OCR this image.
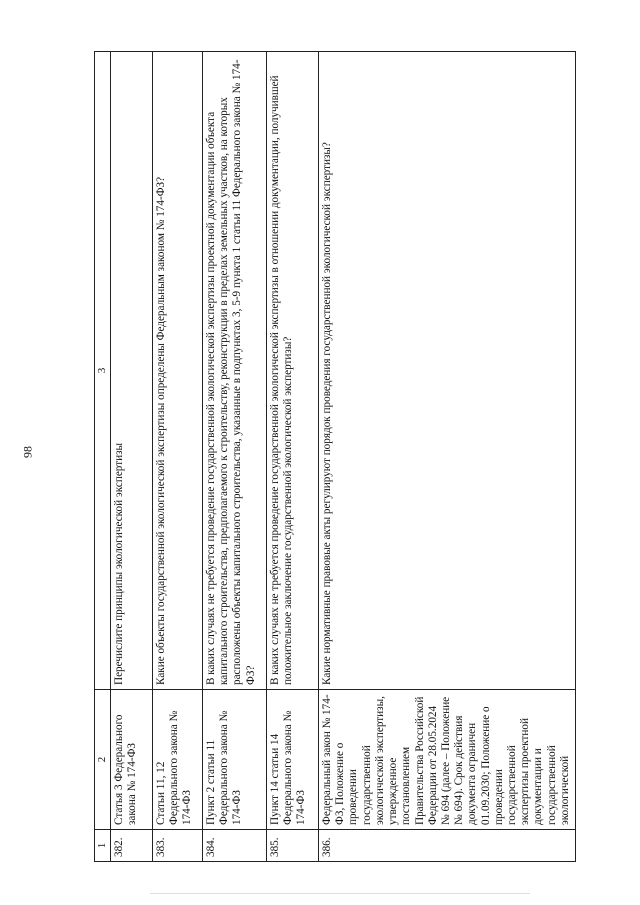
98
1	2	3
382.	Статья 3 Федерального закона № 174-ФЗ	Перечислите принципы экологической экспертизы
383.	Статьи 11, 12 Федерального закона № 174-ФЗ	Какие объекты государственной экологической экспертизы определены Федеральным законом № 174-ФЗ?
384.	Пункт 2 статьи 11 Федерального закона № 174-ФЗ	В каких случаях не требуется проведение государственной экологической экспертизы проектной документации объекта капитального строительства, предполагаемого к строительству, реконструкции в пределах земельных участков, на которых расположены объекты капитального строительства, указанные в подпунктах 3, 5-9 пункта 1 статьи 11 Федерального закона № 174-ФЗ?
385.	Пункт 14 статьи 14 Федерального закона № 174-ФЗ	В каких случаях не требуется проведение государственной экологической экспертизы в отношении документации, получившей положительное заключение государственной экологической экспертизы?
386.	Федеральный закон № 174-ФЗ, Положение о проведении государственной экологической экспертизы, утвержденное постановлением Правительства Российской Федерации от 28.05.2024 № 694 (далее – Положение № 694). Срок действия документа ограничен 01.09.2030; Положение о проведении государственной экспертизы проектной документации и государственной экологической	Какие нормативные правовые акты регулируют порядок проведения государственной экологической экспертизы?
